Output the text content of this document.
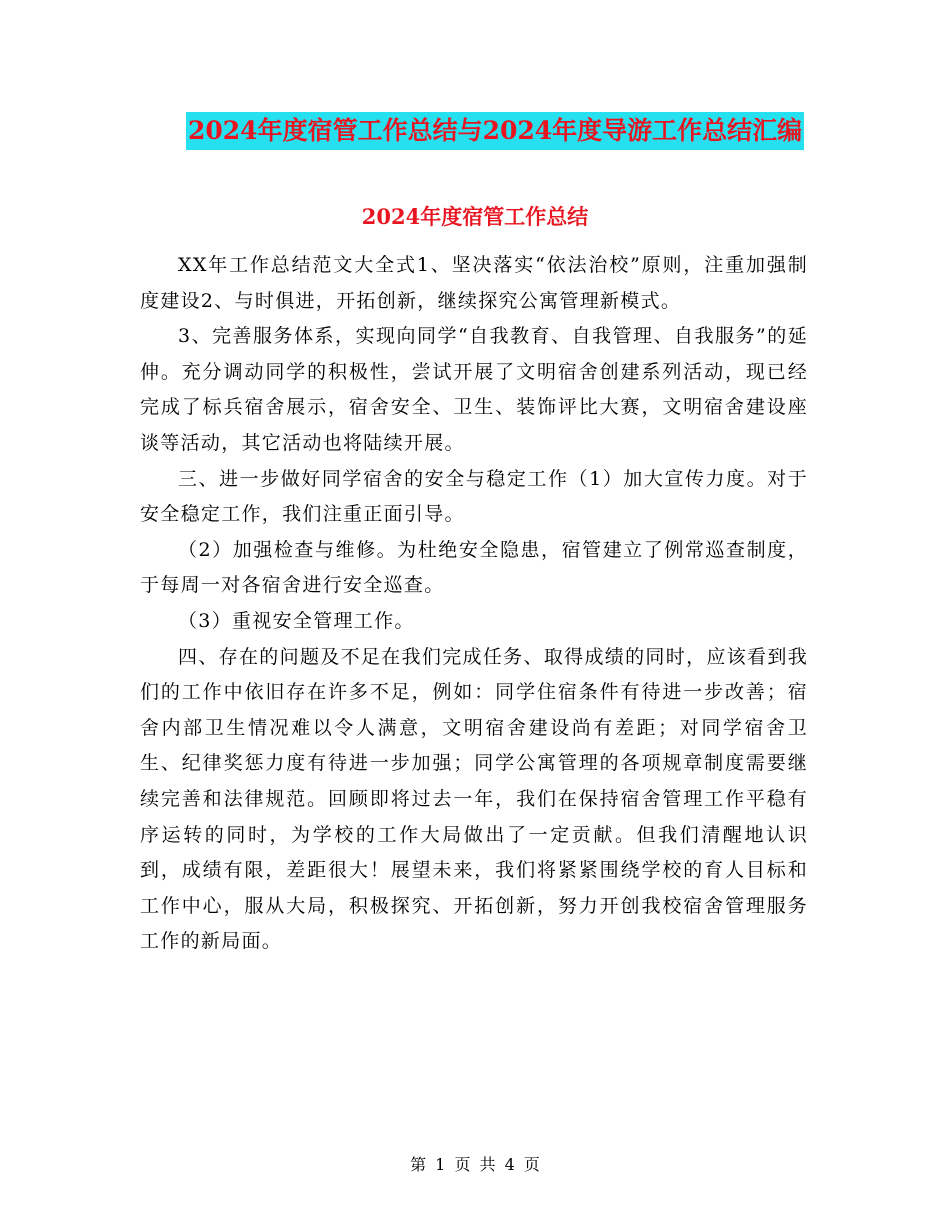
2024年度宿管工作总结与2024年度导游工作总结汇编
2024年度宿管工作总结

XX年工作总结范文大全式1、坚决落实“依法治校”原则，注重加强制度建设2、与时俱进，开拓创新，继续探究公寓管理新模式。

3、完善服务体系，实现向同学“自我教育、自我管理、自我服务”的延伸。充分调动同学的积极性，尝试开展了文明宿舍创建系列活动，现已经完成了标兵宿舍展示，宿舍安全、卫生、装饰评比大赛，文明宿舍建设座谈等活动，其它活动也将陆续开展。

三、进一步做好同学宿舍的安全与稳定工作（1）加大宣传力度。对于安全稳定工作，我们注重正面引导。

（2）加强检查与维修。为杜绝安全隐患，宿管建立了例常巡查制度，于每周一对各宿舍进行安全巡查。

（3）重视安全管理工作。

四、存在的问题及不足在我们完成任务、取得成绩的同时，应该看到我们的工作中依旧存在许多不足，例如：同学住宿条件有待进一步改善；宿舍内部卫生情况难以令人满意，文明宿舍建设尚有差距；对同学宿舍卫生、纪律奖惩力度有待进一步加强；同学公寓管理的各项规章制度需要继续完善和法律规范。回顾即将过去一年，我们在保持宿舍管理工作平稳有序运转的同时，为学校的工作大局做出了一定贡献。但我们清醒地认识到，成绩有限，差距很大！展望未来，我们将紧紧围绕学校的育人目标和工作中心，服从大局，积极探究、开拓创新，努力开创我校宿舍管理服务工作的新局面。

第 1 页 共 4 页
